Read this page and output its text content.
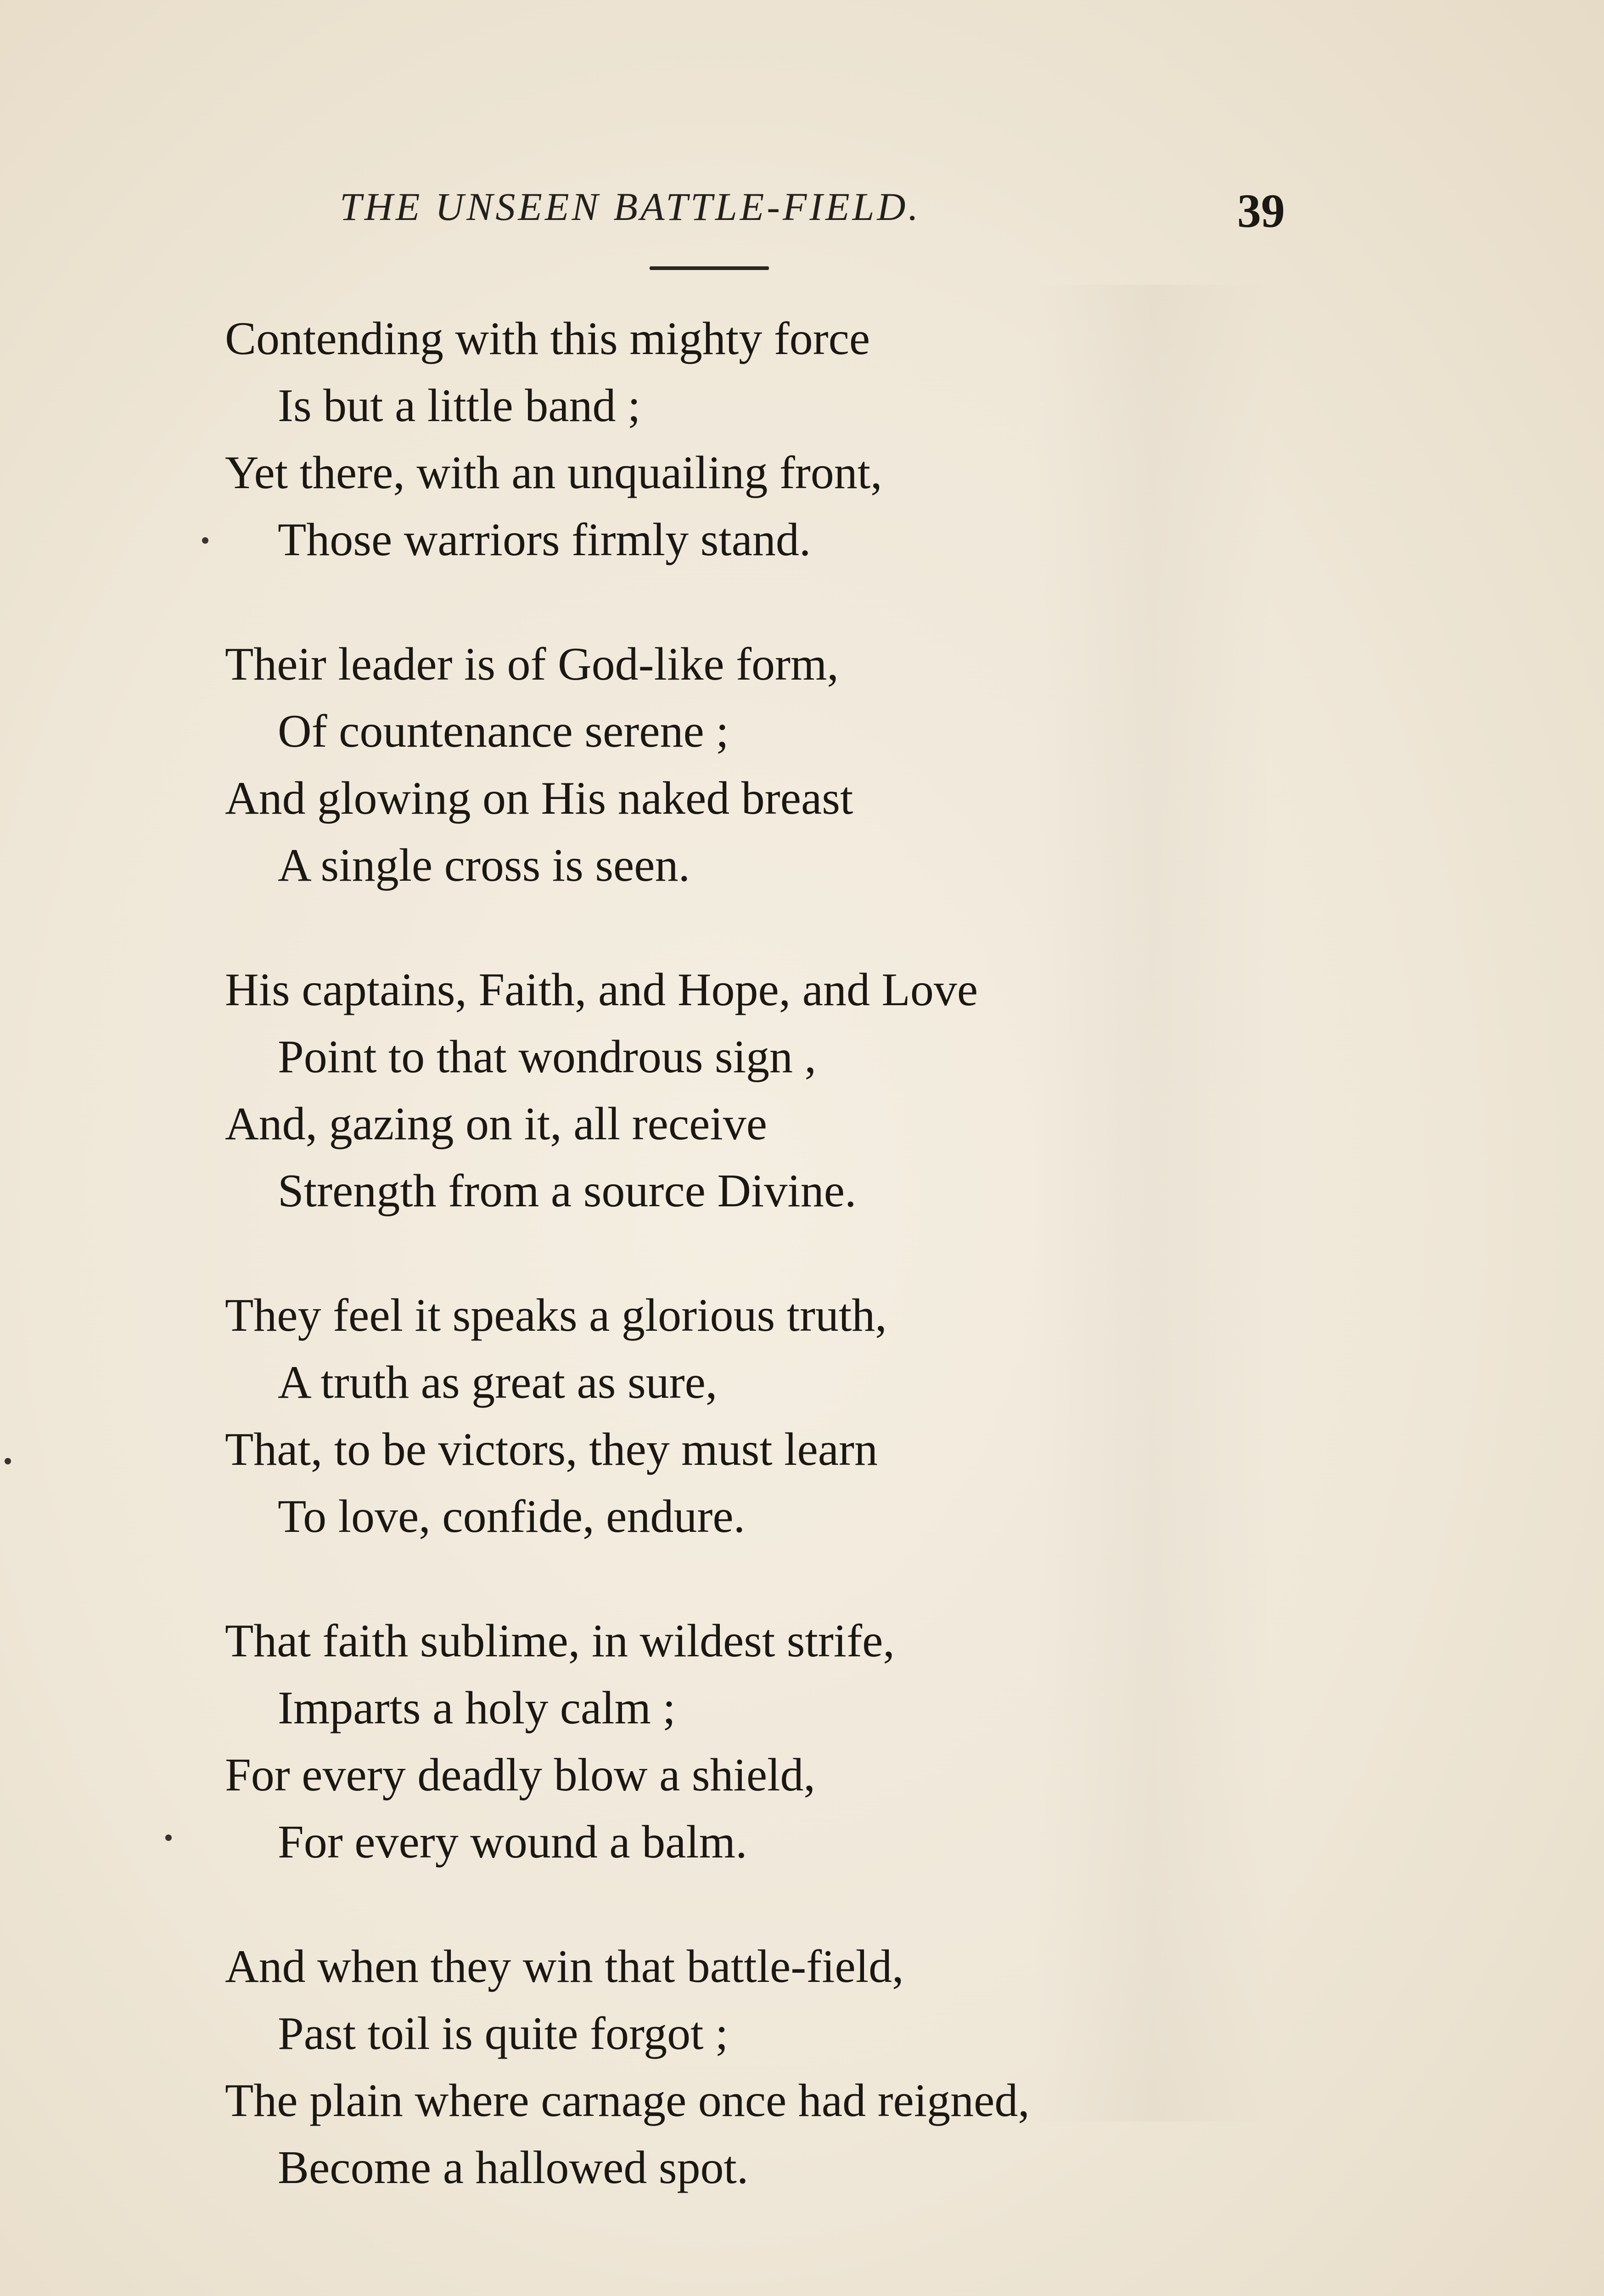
THE UNSEEN BATTLE-FIELD.	39
Contending with this mighty force
Is but a little band ;
Yet there, with an unquailing front,
Those warriors firmly stand.
Their leader is of God-like form,
Of countenance serene ;
And glowing on His naked breast
A single cross is seen.
His captains, Faith, and Hope, and Love
Point to that wondrous sign ,
And, gazing on it, all receive
Strength from a source Divine.
They feel it speaks a glorious truth,
A truth as great as sure,
That, to be victors, they must learn
To love, confide, endure.
That faith sublime, in wildest strife,
Imparts a holy calm ;
For every deadly blow a shield,
For every wound a balm.
And when they win that battle-field,
Past toil is quite forgot ;
The plain where carnage once had reigned,
Become a hallowed spot.
